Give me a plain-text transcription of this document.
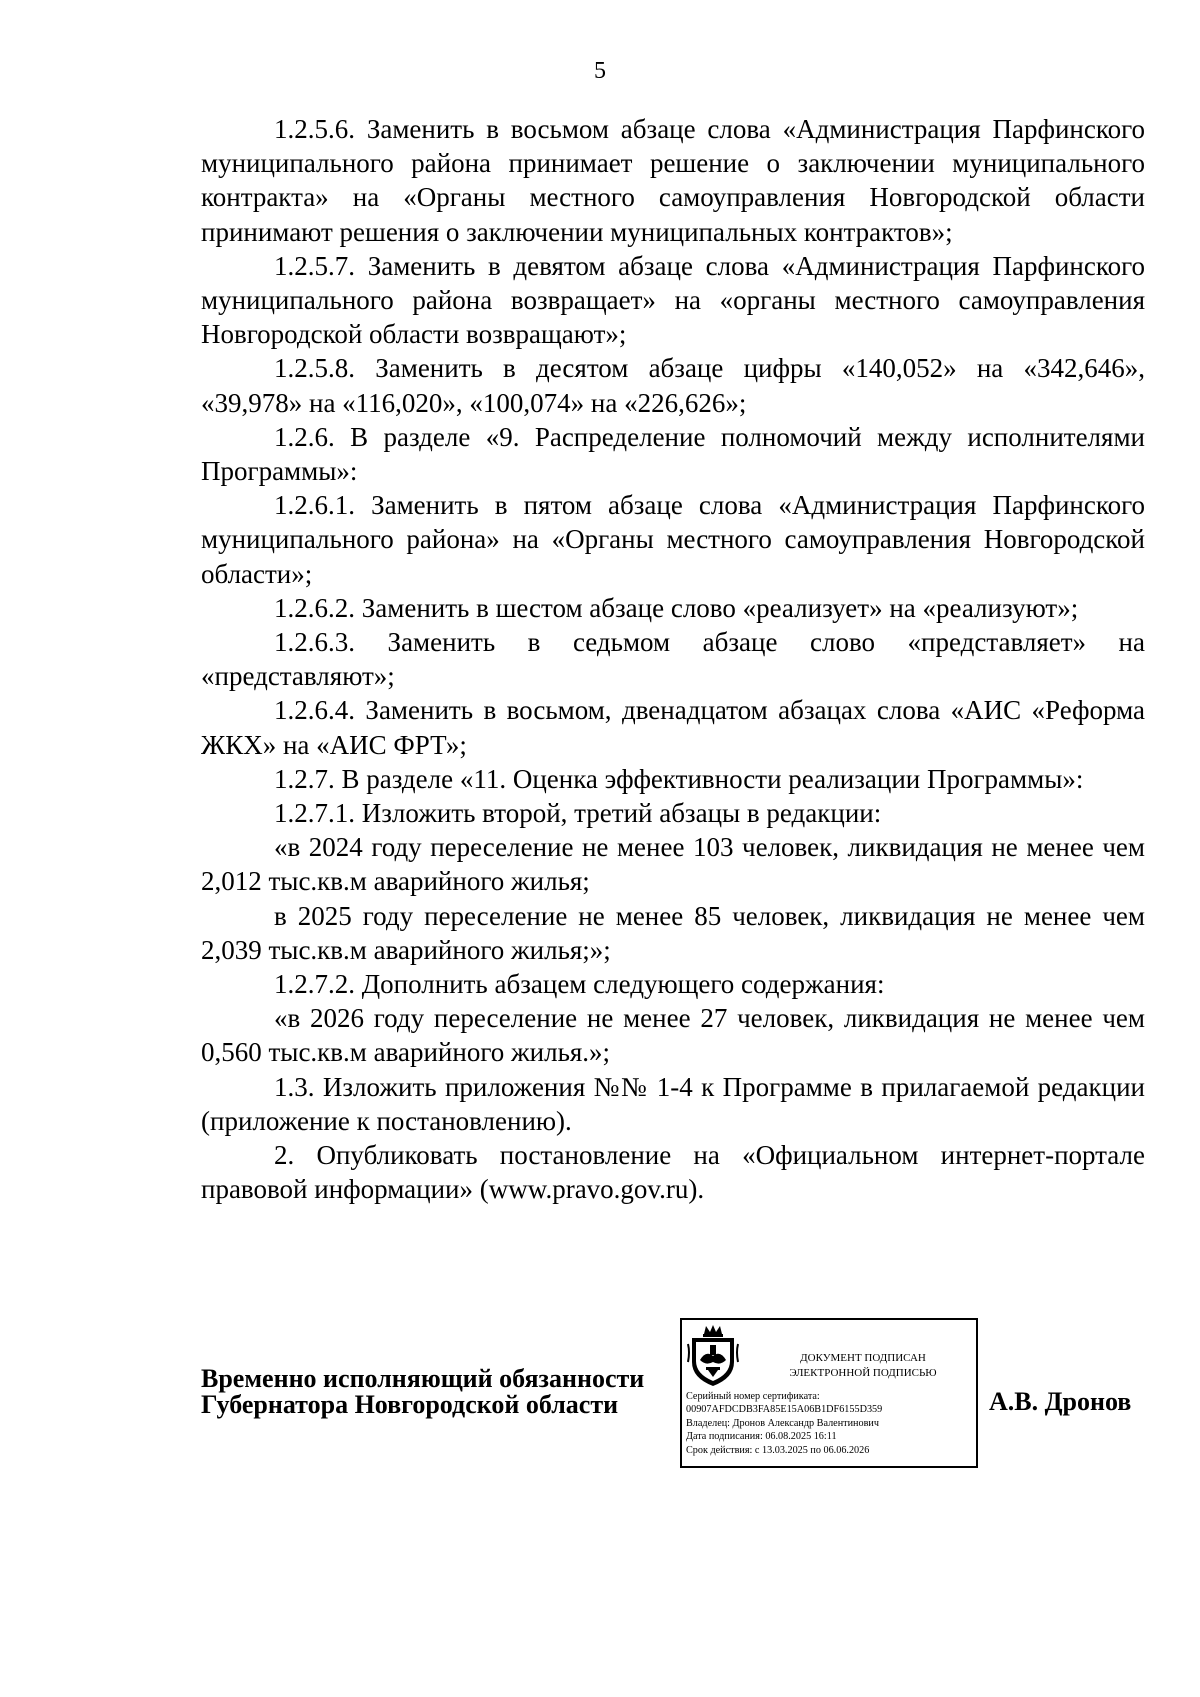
5

1.2.5.6. Заменить в восьмом абзаце слова «Администрация Парфинского муниципального района принимает решение о заключении муниципального контракта» на «Органы местного самоуправления Новгородской области принимают решения о заключении муниципальных контрактов»;

1.2.5.7. Заменить в девятом абзаце слова «Администрация Парфинского муниципального района возвращает» на «органы местного самоуправления Новгородской области возвращают»;

1.2.5.8. Заменить в десятом абзаце цифры «140,052» на «342,646», «39,978» на «116,020», «100,074» на «226,626»;

1.2.6. В разделе «9. Распределение полномочий между исполнителями Программы»:

1.2.6.1. Заменить в пятом абзаце слова «Администрация Парфинского муниципального района» на «Органы местного самоуправления Новгородской области»;

1.2.6.2. Заменить в шестом абзаце слово «реализует» на «реализуют»;

1.2.6.3. Заменить в седьмом абзаце слово «представляет» на «представляют»;

1.2.6.4. Заменить в восьмом, двенадцатом абзацах слова «АИС «Реформа ЖКХ» на «АИС ФРТ»;

1.2.7. В разделе «11. Оценка эффективности реализации Программы»:

1.2.7.1. Изложить второй, третий абзацы в редакции:

«в 2024 году переселение не менее 103 человек, ликвидация не менее чем 2,012 тыс.кв.м аварийного жилья;

в 2025 году переселение не менее 85 человек, ликвидация не менее чем 2,039 тыс.кв.м аварийного жилья;»;

1.2.7.2. Дополнить абзацем следующего содержания:

«в 2026 году переселение не менее 27 человек, ликвидация не менее чем 0,560 тыс.кв.м аварийного жилья.»;

1.3. Изложить приложения №№ 1-4 к Программе в прилагаемой редакции (приложение к постановлению).

2. Опубликовать постановление на «Официальном интернет-портале правовой информации» (www.pravo.gov.ru).

Временно исполняющий обязанности
Губернатора Новгородской области
ДОКУМЕНТ ПОДПИСАН
ЭЛЕКТРОННОЙ ПОДПИСЬЮ
Серийный номер сертификата:
00907AFDCDB3FA85E15A06B1DF6155D359
Владелец: Дронов Александр Валентинович
Дата подписания: 06.08.2025 16:11
Срок действия: с 13.03.2025 по 06.06.2026
А.В. Дронов
